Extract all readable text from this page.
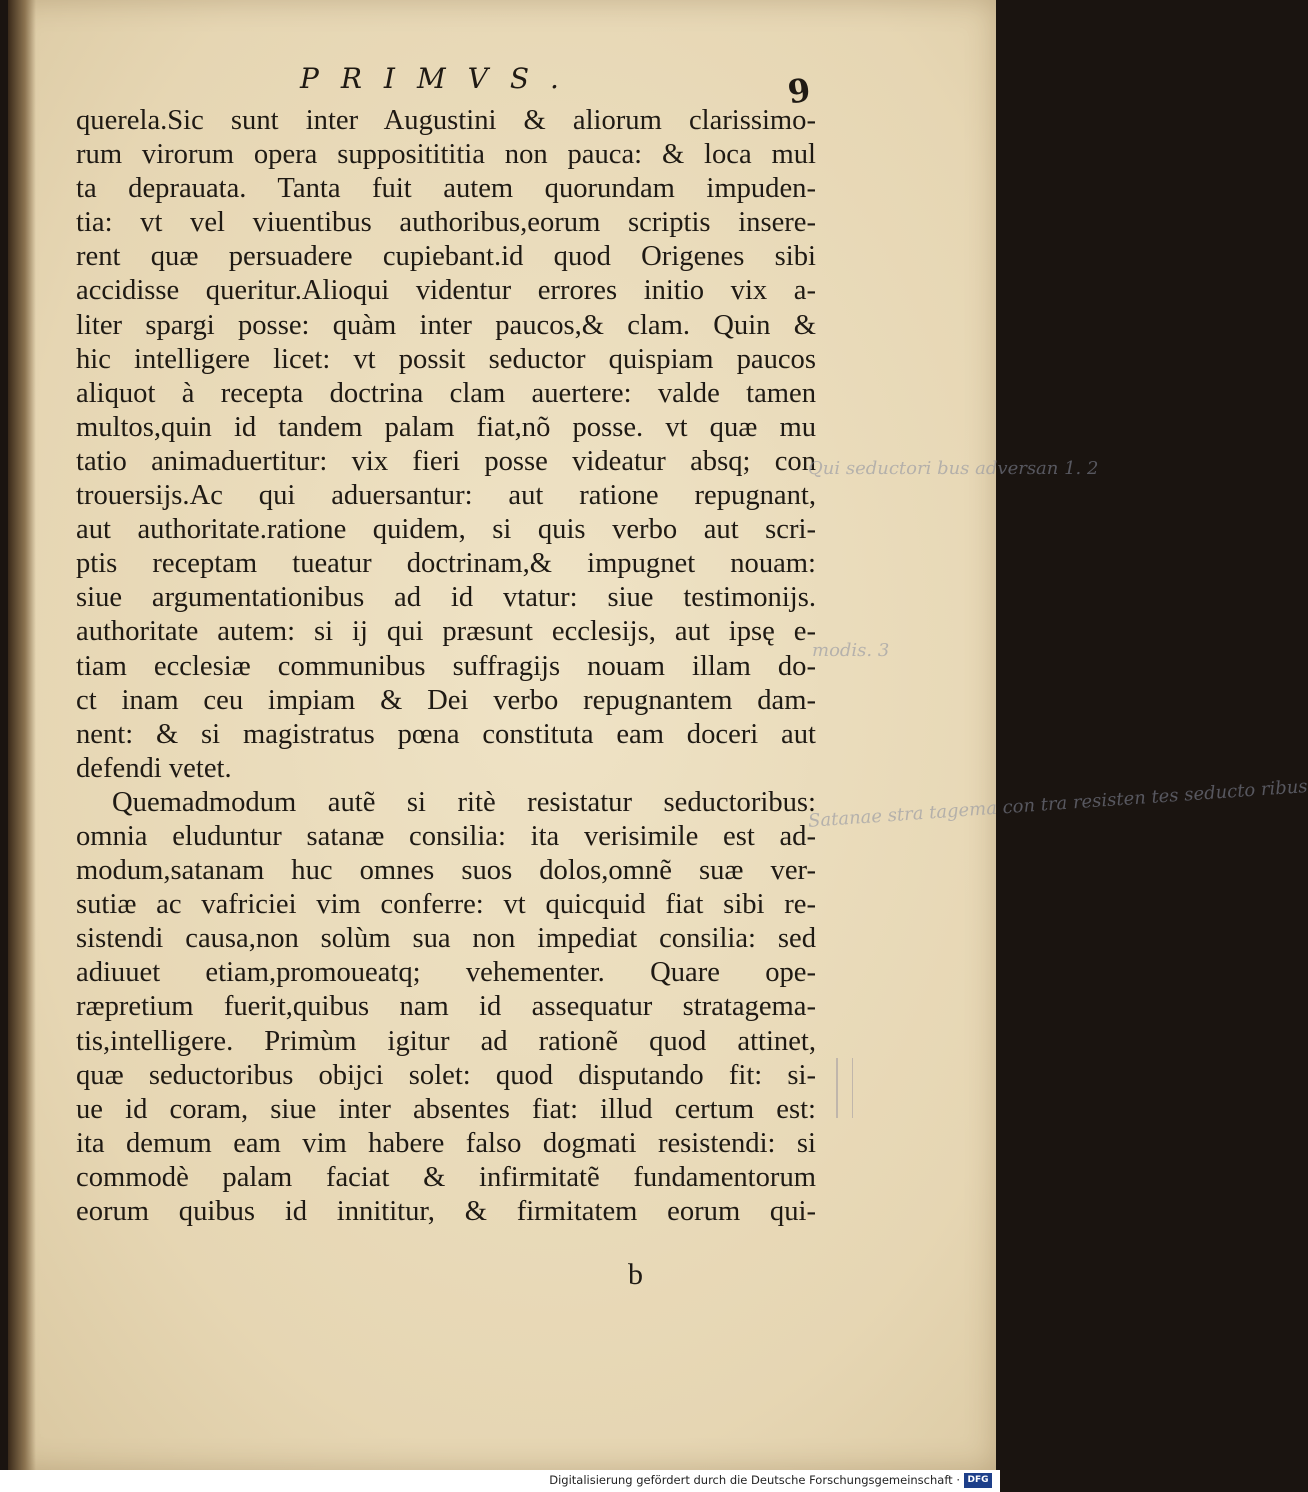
PRIMVS.	9
querela.Sic sunt inter Augustini & aliorum clarissimo-
rum virorum opera suppositititia non pauca: & loca mul
ta deprauata. Tanta fuit autem quorundam impuden-
tia: vt vel viuentibus authoribus,eorum scriptis insere-
rent quæ persuadere cupiebant.id quod Origenes sibi
accidisse queritur.Alioqui videntur errores initio vix a-
liter spargi posse: quàm inter paucos,& clam. Quin &
hic intelligere licet: vt possit seductor quispiam paucos
aliquot à recepta doctrina clam auertere: valde tamen
multos,quin id tandem palam fiat,nõ posse. vt quæ mu
tatio animaduertitur: vix fieri posse videatur absq; con
trouersijs.Ac qui aduersantur: aut ratione repugnant,
aut authoritate.ratione quidem, si quis verbo aut scri-
ptis receptam tueatur doctrinam,& impugnet nouam:
siue argumentationibus ad id vtatur: siue testimonijs.
authoritate autem: si ij qui præsunt ecclesijs, aut ipsę e-
tiam ecclesiæ communibus suffragijs nouam illam do-
ct inam ceu impiam & Dei verbo repugnantem dam-
nent: & si magistratus pœna constituta eam doceri aut
defendi vetet.
Quemadmodum autẽ si ritè resistatur seductoribus:
omnia eluduntur satanæ consilia: ita verisimile est ad-
modum,satanam huc omnes suos dolos,omnẽ suæ ver-
sutiæ ac vafriciei vim conferre: vt quicquid fiat sibi re-
sistendi causa,non solùm sua non impediat consilia: sed
adiuuet etiam,promoueatq; vehementer. Quare ope-
ræpretium fuerit,quibus nam id assequatur stratagema-
tis,intelligere. Primùm igitur ad rationẽ quod attinet,
quæ seductoribus obijci solet: quod disputando fit: si-
ue id coram, siue inter absentes fiat: illud certum est:
ita demum eam vim habere falso dogmati resistendi: si
commodè palam faciat & infirmitatẽ fundamentorum
eorum quibus id innititur, & firmitatem eorum qui-
b
Qui seductori bus adversan 1. 2
modis. 3
Satanae stra tagema con tra resisten tes seducto ribus
Digitalisierung gefördert durch die Deutsche Forschungsgemeinschaft · DFG
